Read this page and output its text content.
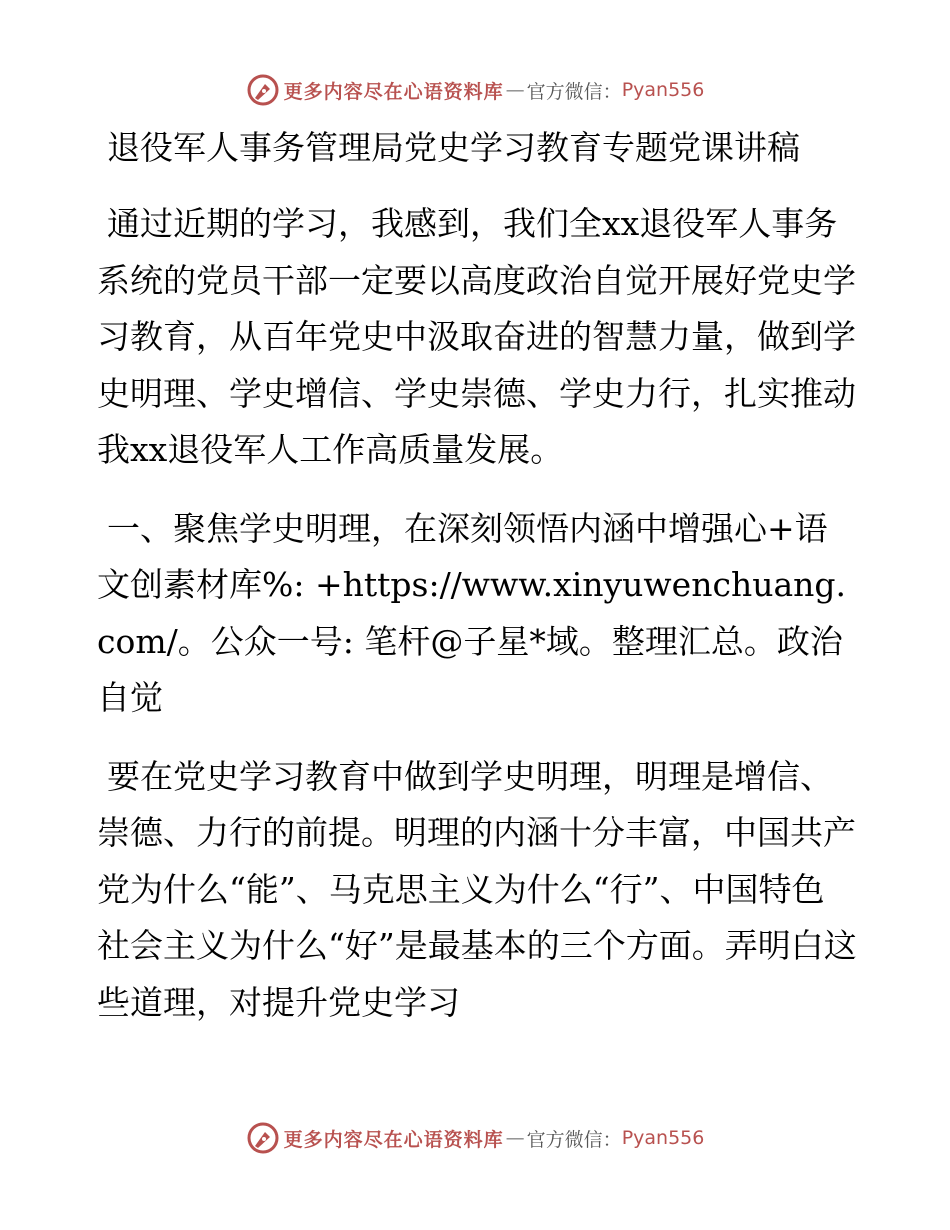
更多内容尽在心语资料库 — 官方微信： Pyan556
退役军人事务管理局党史学习教育专题党课讲稿

通过近期的学习，我感到，我们全xx退役军人事务系统的党员干部一定要以高度政治自觉开展好党史学习教育，从百年党史中汲取奋进的智慧力量，做到学史明理、学史增信、学史崇德、学史力行，扎实推动我xx退役军人工作高质量发展。

一、聚焦学史明理，在深刻领悟内涵中增强心+语文创素材库%: +https://www.xinyuwenchuang.com/。公众一号: 笔杆@子星*域。整理汇总。政治自觉

要在党史学习教育中做到学史明理，明理是增信、崇德、力行的前提。明理的内涵十分丰富，中国共产党为什么“能”、马克思主义为什么“行”、中国特色社会主义为什么“好”是最基本的三个方面。弄明白这些道理，对提升党史学习

更多内容尽在心语资料库 — 官方微信： Pyan556
